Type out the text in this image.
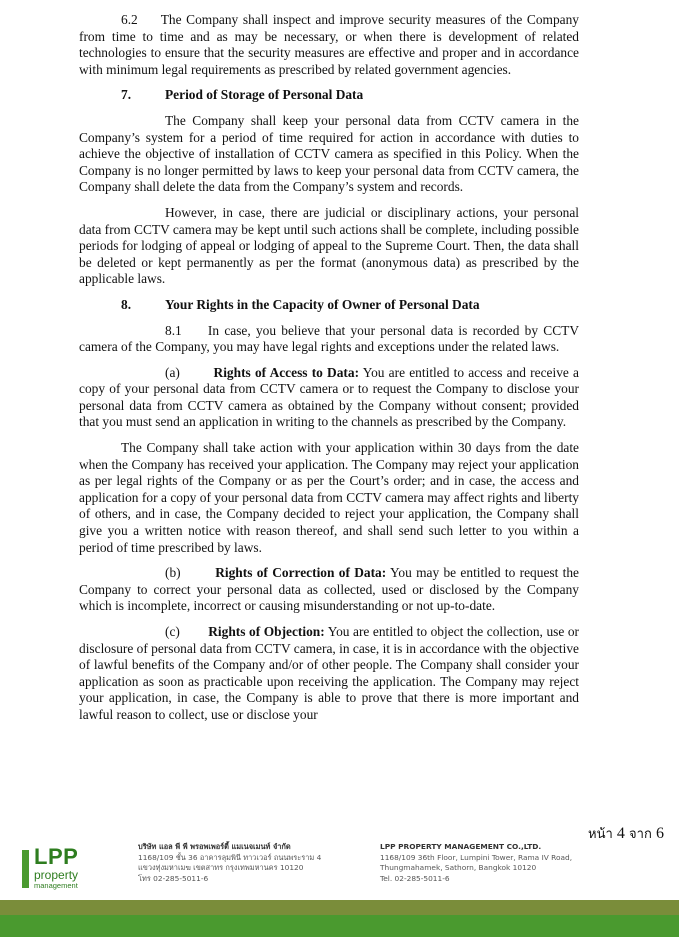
6.2     The Company shall inspect and improve security measures of the Company from time to time and as may be necessary, or when there is development of related technologies to ensure that the security measures are effective and proper and in accordance with minimum legal requirements as prescribed by related government agencies.

7.	Period of Storage of Personal Data

The Company shall keep your personal data from CCTV camera in the Company’s system for a period of time required for action in accordance with duties to achieve the objective of installation of CCTV camera as specified in this Policy. When the Company is no longer permitted by laws to keep your personal data from CCTV camera, the Company shall delete the data from the Company’s system and records.

However, in case, there are judicial or disciplinary actions, your personal data from CCTV camera may be kept until such actions shall be complete, including possible periods for lodging of appeal or lodging of appeal to the Supreme Court. Then, the data shall be deleted or kept permanently as per the format (anonymous data) as prescribed by the applicable laws.

8.	Your Rights in the Capacity of Owner of Personal Data

8.1     In case, you believe that your personal data is recorded by CCTV camera of the Company, you may have legal rights and exceptions under the related laws.

(a)        Rights of Access to Data: You are entitled to access and receive a copy of your personal data from CCTV camera or to request the Company to disclose your personal data from CCTV camera as obtained by the Company without consent; provided that you must send an application in writing to the channels as prescribed by the Company.

The Company shall take action with your application within 30 days from the date when the Company has received your application. The Company may reject your application as per legal rights of the Company or as per the Court’s order; and in case, the access and application for a copy of your personal data from CCTV camera may affect rights and liberty of others, and in case, the Company decided to reject your application, the Company shall give you a written notice with reason thereof, and shall send such letter to you within a period of time prescribed by laws.

(b)        Rights of Correction of Data: You may be entitled to request the Company to correct your personal data as collected, used or disclosed by the Company which is incomplete, incorrect or causing misunderstanding or not up-to-date.

(c)        Rights of Objection: You are entitled to object the collection, use or disclosure of personal data from CCTV camera, in case, it is in accordance with the objective of lawful benefits of the Company and/or of other people. The Company shall consider your application as soon as practicable upon receiving the application. The Company may reject your application, in case, the Company is able to prove that there is more important and lawful reason to collect, use or disclose your

หน้า 4 จาก 6
LPP
property
management
บริษัท แอล พี พี พรอพเพอร์ตี้ แมเนจเมนท์ จำกัด
1168/109 ชั้น 36 อาคารลุมพินี ทาวเวอร์ ถนนพระราม 4
แขวงทุ่งมหาเมฆ เขตสาทร กรุงเทพมหานคร 10120
โทร 02-285-5011-6
LPP PROPERTY MANAGEMENT CO.,LTD.
1168/109 36th Floor, Lumpini Tower, Rama IV Road,
Thungmahamek, Sathorn, Bangkok 10120
Tel. 02-285-5011-6
